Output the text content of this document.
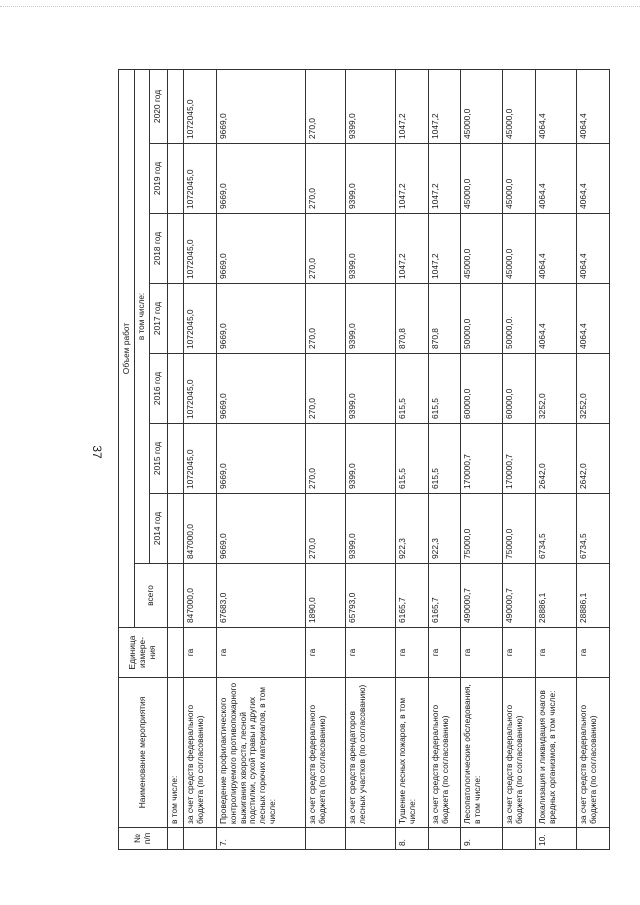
37
№ п/п	Наименование мероприятия	Единица измере-ния	Объем работ							
			всего	в том числе:						
				2014 год	2015 год	2016 год	2017 год	2018 год	2019 год	2020 год
	в том числе:									
	за счет средств федерального бюджета (по согласованию)	га	847000,0	847000,0	1072045,0	1072045,0	1072045,0	1072045,0	1072045,0	1072045,0
7.	Проведение профилактического контролируемого противопожарного выжигания хвороста, лесной подстилки, сухой травы и других лесных горючих материалов, в том числе:	га	67683,0	9669,0	9669,0	9669,0	9669,0	9669,0	9669,0	9669,0
	за счет средств федерального бюджета (по согласованию)	га	1890,0	270,0	270,0	270,0	270,0	270,0	270,0	270,0
	за счет средств арендаторов лесных участков (по согласованию)	га	65793,0	9399,0	9399,0	9399,0	9399,0	9399,0	9399,0	9399,0
8.	Тушение лесных пожаров, в том числе:	га	6165,7	922,3	615,5	615,5	870,8	1047,2	1047,2	1047,2
	за счет средств федерального бюджета (по согласованию)	га	6165,7	922,3	615,5	615,5	870,8	1047,2	1047,2	1047,2
9.	Лесопатологические обследования, в том числе:	га	490000,7	75000,0	170000,7	60000,0	50000,0	45000,0	45000,0	45000,0
	за счет средств федерального бюджета (по согласованию)	га	490000,7	75000,0	170000,7	60000,0	50000,0.	45000,0	45000,0	45000,0
10.	Локализация и ликвидация очагов вредных организмов, в том числе:	га	28886,1	6734,5	2642,0	3252,0	4064,4	4064,4	4064,4	4064,4
	за счет средств федерального бюджета (по согласованию)	га	28886,1	6734,5	2642,0	3252,0	4064,4	4064,4	4064,4	4064,4
